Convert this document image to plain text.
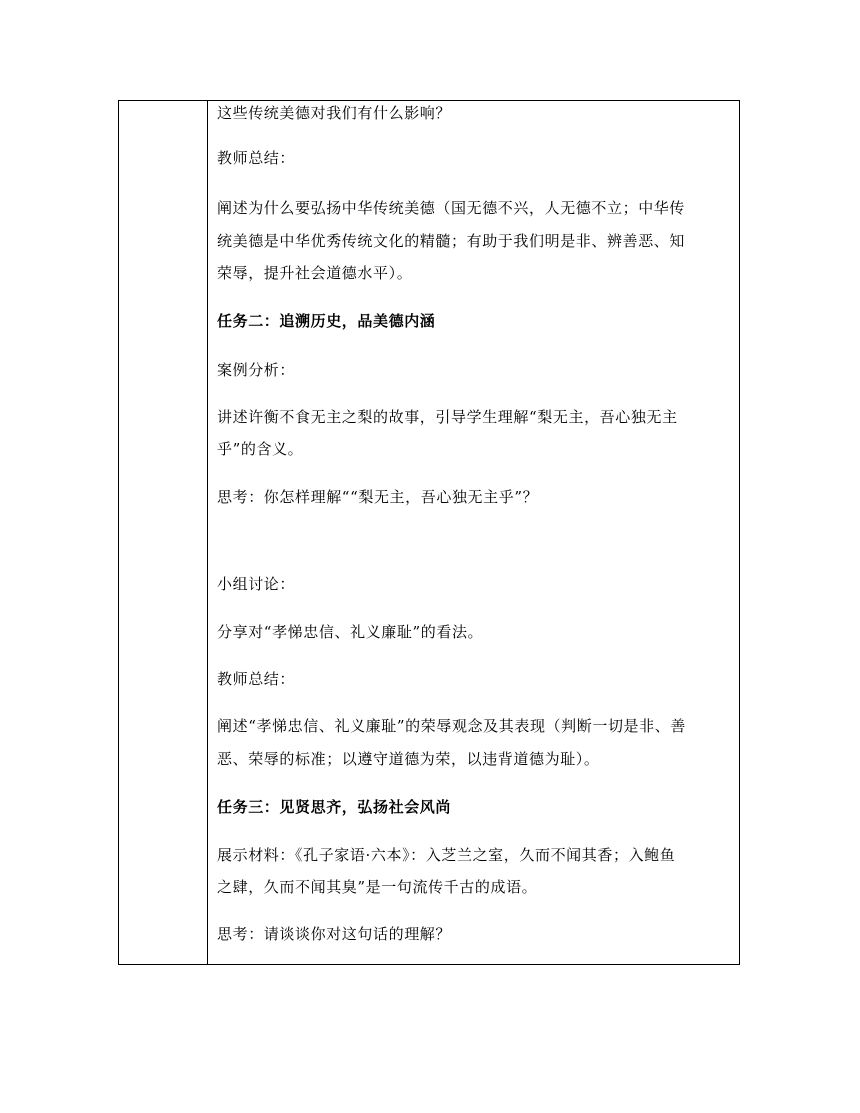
这些传统美德对我们有什么影响？
教师总结：
阐述为什么要弘扬中华传统美德（国无德不兴，人无德不立；中华传
统美德是中华优秀传统文化的精髓；有助于我们明是非、辨善恶、知
荣辱，提升社会道德水平）。
任务二：追溯历史，品美德内涵
案例分析：
讲述许衡不食无主之梨的故事，引导学生理解“梨无主，吾心独无主
乎”的含义。
思考：你怎样理解““梨无主，吾心独无主乎”？
小组讨论：
分享对“孝悌忠信、礼义廉耻”的看法。
教师总结：
阐述“孝悌忠信、礼义廉耻”的荣辱观念及其表现（判断一切是非、善
恶、荣辱的标准；以遵守道德为荣，以违背道德为耻）。
任务三：见贤思齐，弘扬社会风尚
展示材料：《孔子家语·六本》：入芝兰之室，久而不闻其香；入鲍鱼
之肆，久而不闻其臭”是一句流传千古的成语。
思考：请谈谈你对这句话的理解？
